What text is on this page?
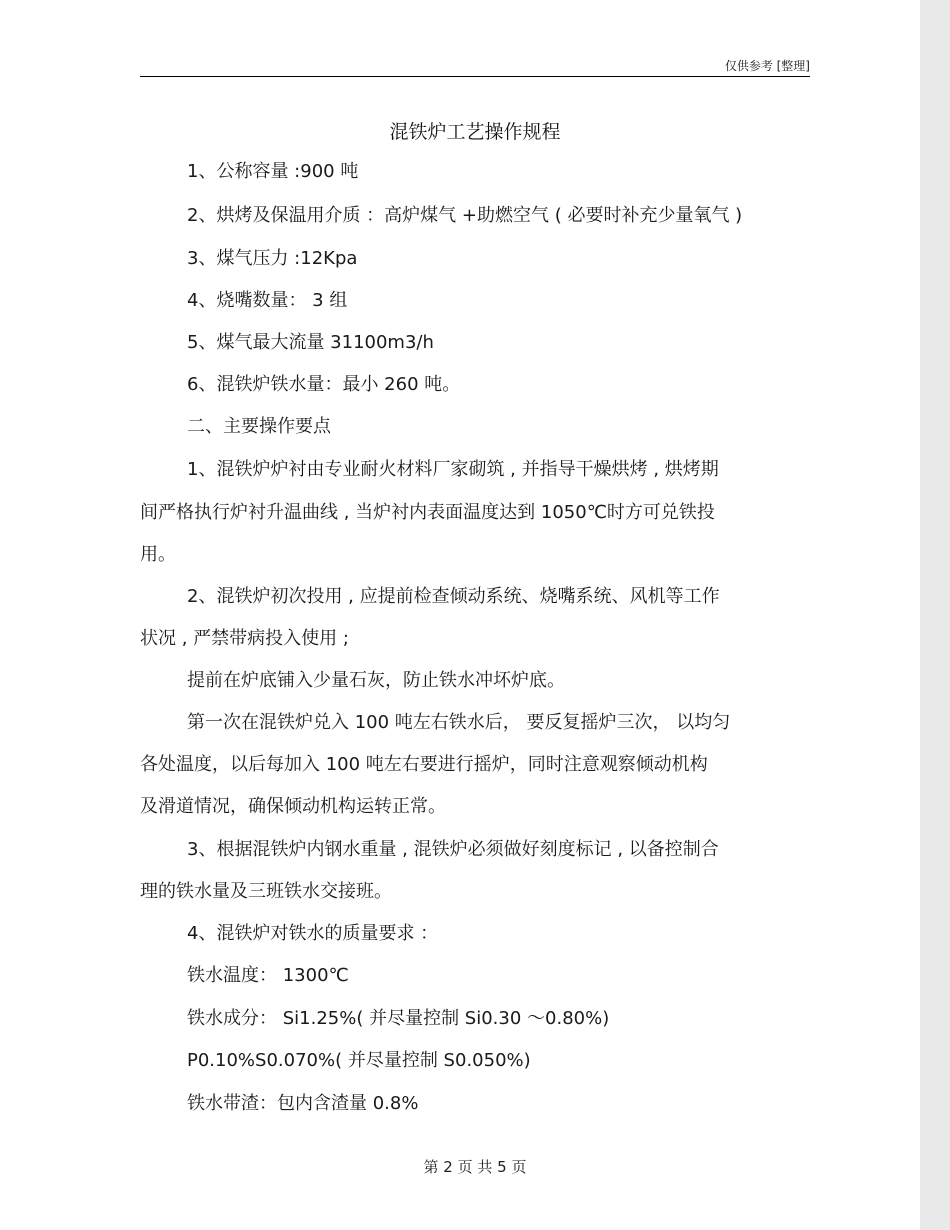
仅供参考 [整理]
混铁炉工艺操作规程
1、公称容量 :900 吨
2、烘烤及保温用介质 ：高炉煤气 +助燃空气 ( 必要时补充少量氧气 )
3、煤气压力 :12Kpa
4、烧嘴数量： 3 组
5、煤气最大流量 31100m3/h
6、混铁炉铁水量：最小 260 吨。
二、主要操作要点
1、混铁炉炉衬由专业耐火材料厂家砌筑 , 并指导干燥烘烤 , 烘烤期
间严格执行炉衬升温曲线 , 当炉衬内表面温度达到 1050℃时方可兑铁投
用。
2、混铁炉初次投用 , 应提前检查倾动系统、烧嘴系统、风机等工作
状况 , 严禁带病投入使用 ;
提前在炉底铺入少量石灰，防止铁水冲坏炉底。
第一次在混铁炉兑入 100 吨左右铁水后， 要反复摇炉三次， 以均匀
各处温度，以后每加入 100 吨左右要进行摇炉，同时注意观察倾动机构
及滑道情况，确保倾动机构运转正常。
3、根据混铁炉内钢水重量 , 混铁炉必须做好刻度标记 , 以备控制合
理的铁水量及三班铁水交接班。
4、混铁炉对铁水的质量要求 ：
铁水温度： 1300℃
铁水成分： Si1.25%( 并尽量控制 Si0.30 ～0.80%)
P0.10%S0.070%( 并尽量控制 S0.050%)
铁水带渣：包内含渣量 0.8%
第 2 页 共 5 页
